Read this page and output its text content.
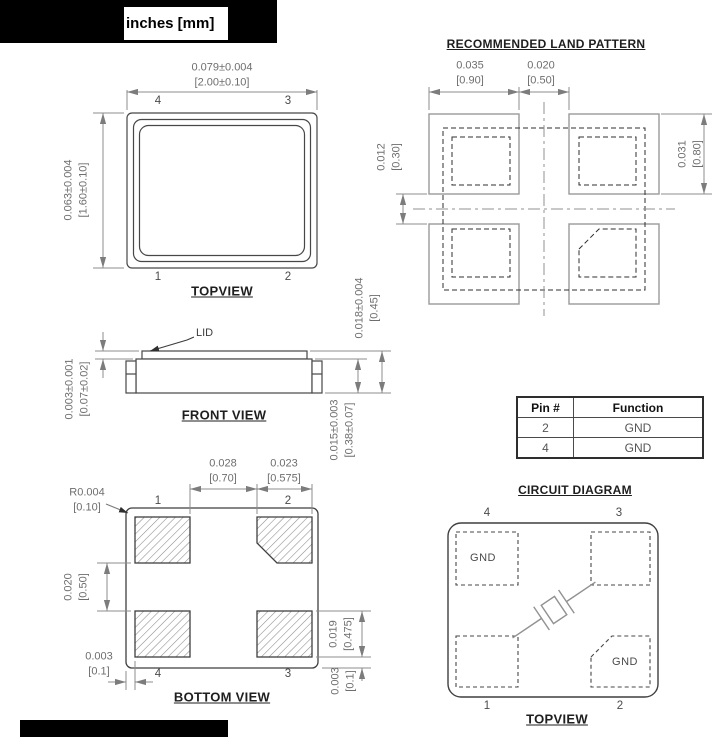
inches [mm]
0.079±0.004
[2.00±0.10]
0.063±0.004 [1.60±0.10]
4	3
1	2
TOPVIEW
RECOMMENDED LAND PATTERN
0.035
[0.90]
0.020
[0.50]
0.012 [0.30]	0.031 [0.80]
LID
0.003±0.001 [0.07±0.02]
0.018±0.004 [0.45]
0.015±0.003 [0.38±0.07]
FRONT VIEW	Pin #	Function
2	GND
4	GND
0.028
[0.70]
0.023
[0.575]
R0.004
[0.10]
0.020 [0.50]
0.003
[0.1]
0.019 [0.475]
0.003 [0.1]
1	2
4	3
BOTTOM VIEW
CIRCUIT DIAGRAM
4	3
1	2
GND
GND
TOPVIEW
